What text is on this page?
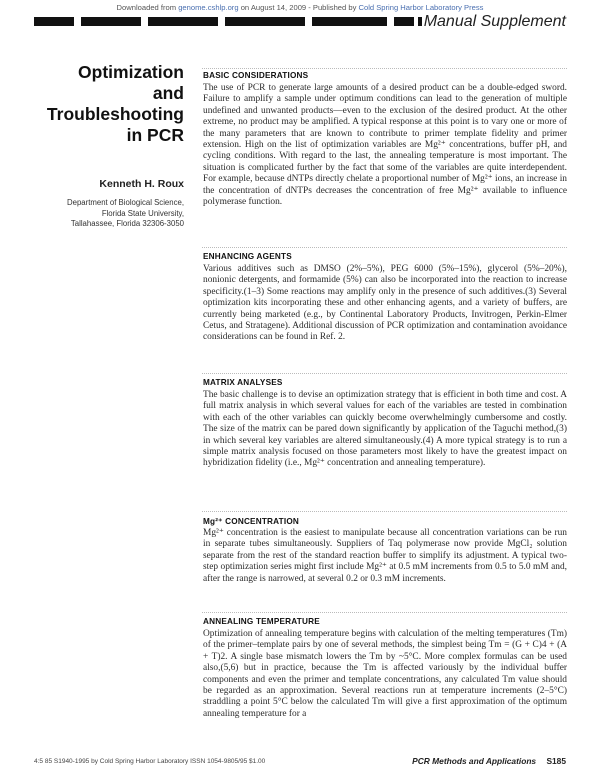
Downloaded from genome.cshlp.org on August 14, 2009 - Published by Cold Spring Harbor Laboratory Press
Manual Supplement
Optimization
and
Troubleshooting
in PCR
Kenneth H. Roux
Department of Biological Science,
Florida State University,
Tallahassee, Florida 32306-3050
BASIC CONSIDERATIONS
The use of PCR to generate large amounts of a desired product can be a double-edged sword. Failure to amplify a sample under optimum conditions can lead to the generation of multiple undefined and unwanted products—even to the exclusion of the desired product. At the other extreme, no product may be amplified. A typical response at this point is to vary one or more of the many parameters that are known to contribute to primer template fidelity and primer extension. High on the list of optimization variables are Mg²⁺ concentrations, buffer pH, and cycling conditions. With regard to the last, the annealing temperature is most important. The situation is complicated further by the fact that some of the variables are quite interdependent. For example, because dNTPs directly chelate a proportional number of Mg²⁺ ions, an increase in the concentration of dNTPs decreases the concentration of free Mg²⁺ available to influence polymerase function.
ENHANCING AGENTS
Various additives such as DMSO (2%–5%), PEG 6000 (5%–15%), glycerol (5%–20%), nonionic detergents, and formamide (5%) can also be incorporated into the reaction to increase specificity.(1–3) Some reactions may amplify only in the presence of such additives.(3) Several optimization kits incorporating these and other enhancing agents, and a variety of buffers, are currently being marketed (e.g., by Continental Laboratory Products, Invitrogen, Perkin-Elmer Cetus, and Stratagene). Additional discussion of PCR optimization and contamination avoidance considerations can be found in Ref. 2.
MATRIX ANALYSES
The basic challenge is to devise an optimization strategy that is efficient in both time and cost. A full matrix analysis in which several values for each of the variables are tested in combination with each of the other variables can quickly become overwhelmingly cumbersome and costly. The size of the matrix can be pared down significantly by application of the Taguchi method,(3) in which several key variables are altered simultaneously.(4) A more typical strategy is to run a simple matrix analysis focused on those parameters most likely to have the greatest impact on hybridization fidelity (i.e., Mg²⁺ concentration and annealing temperature).
Mg²⁺ CONCENTRATION
Mg²⁺ concentration is the easiest to manipulate because all concentration variations can be run in separate tubes simultaneously. Suppliers of Taq polymerase now provide MgCl₂ solution separate from the rest of the standard reaction buffer to simplify its adjustment. A typical two-step optimization series might first include Mg²⁺ at 0.5 mM increments from 0.5 to 5.0 mM and, after the range is narrowed, at several 0.2 or 0.3 mM increments.
ANNEALING TEMPERATURE
Optimization of annealing temperature begins with calculation of the melting temperatures (Tm) of the primer–template pairs by one of several methods, the simplest being Tm = (G + C)4 + (A + T)2. A single base mismatch lowers the Tm by ~5°C. More complex formulas can be used also,(5,6) but in practice, because the Tm is affected variously by the individual buffer components and even the primer and template concentrations, any calculated Tm value should be regarded as an approximation. Several reactions run at temperature increments (2–5°C) straddling a point 5°C below the calculated Tm will give a first approximation of the optimum annealing temperature for a
4:5 85 S1940-1995 by Cold Spring Harbor Laboratory ISSN 1054-9805/95 $1.00	PCR Methods and Applications S185
